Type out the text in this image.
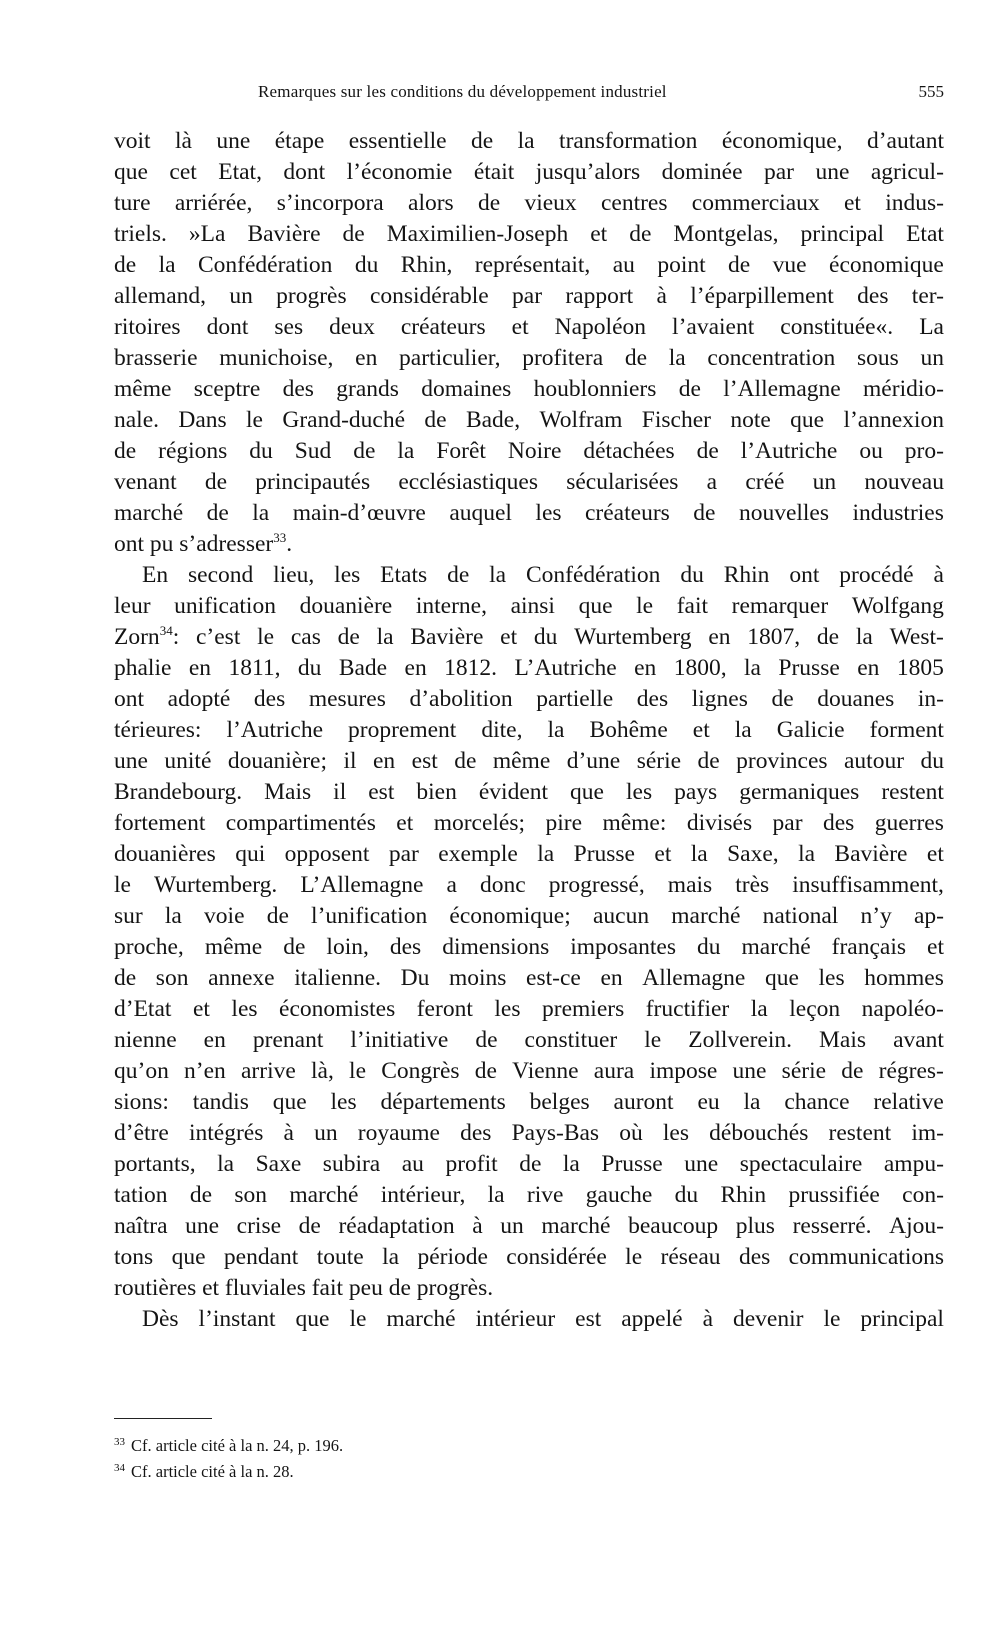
Remarques sur les conditions du développement industriel	555
voit là une étape essentielle de la transformation économique, d’autant
que cet Etat, dont l’économie était jusqu’alors dominée par une agricul-
ture arriérée, s’incorpora alors de vieux centres commerciaux et indus-
triels. »La Bavière de Maximilien-Joseph et de Montgelas, principal Etat
de la Confédération du Rhin, représentait, au point de vue économique
allemand, un progrès considérable par rapport à l’éparpillement des ter-
ritoires dont ses deux créateurs et Napoléon l’avaient constituée«. La
brasserie munichoise, en particulier, profitera de la concentration sous un
même sceptre des grands domaines houblonniers de l’Allemagne méridio-
nale. Dans le Grand-duché de Bade, Wolfram Fischer note que l’annexion
de régions du Sud de la Forêt Noire détachées de l’Autriche ou pro-
venant de principautés ecclésiastiques sécularisées a créé un nouveau
marché de la main-d’œuvre auquel les créateurs de nouvelles industries
ont pu s’adresser$^{33}$.
En second lieu, les Etats de la Confédération du Rhin ont procédé à
leur unification douanière interne, ainsi que le fait remarquer Wolfgang
Zorn$^{34}$ : c’est le cas de la Bavière et du Wurtemberg en 1807, de la West-
phalie en 1811, du Bade en 1812. L’Autriche en 1800, la Prusse en 1805
ont adopté des mesures d’abolition partielle des lignes de douanes in-
térieures: l’Autriche proprement dite, la Bohême et la Galicie forment
une unité douanière; il en est de même d’une série de provinces autour du
Brandebourg. Mais il est bien évident que les pays germaniques restent
fortement compartimentés et morcelés; pire même: divisés par des guerres
douanières qui opposent par exemple la Prusse et la Saxe, la Bavière et
le Wurtemberg. L’Allemagne a donc progressé, mais très insuffisamment,
sur la voie de l’unification économique; aucun marché national n’y ap-
proche, même de loin, des dimensions imposantes du marché français et
de son annexe italienne. Du moins est-ce en Allemagne que les hommes
d’Etat et les économistes feront les premiers fructifier la leçon napoléo-
nienne en prenant l’initiative de constituer le Zollverein. Mais avant
qu’on n’en arrive là, le Congrès de Vienne aura impose une série de régres-
sions: tandis que les départements belges auront eu la chance relative
d’être intégrés à un royaume des Pays-Bas où les débouchés restent im-
portants, la Saxe subira au profit de la Prusse une spectaculaire ampu-
tation de son marché intérieur, la rive gauche du Rhin prussifiée con-
naîtra une crise de réadaptation à un marché beaucoup plus resserré. Ajou-
tons que pendant toute la période considérée le réseau des communications
routières et fluviales fait peu de progrès.
Dès l’instant que le marché intérieur est appelé à devenir le principal
$^{33}$ Cf. article cité à la n. 24, p. 196.
$^{34}$ Cf. article cité à la n. 28.
